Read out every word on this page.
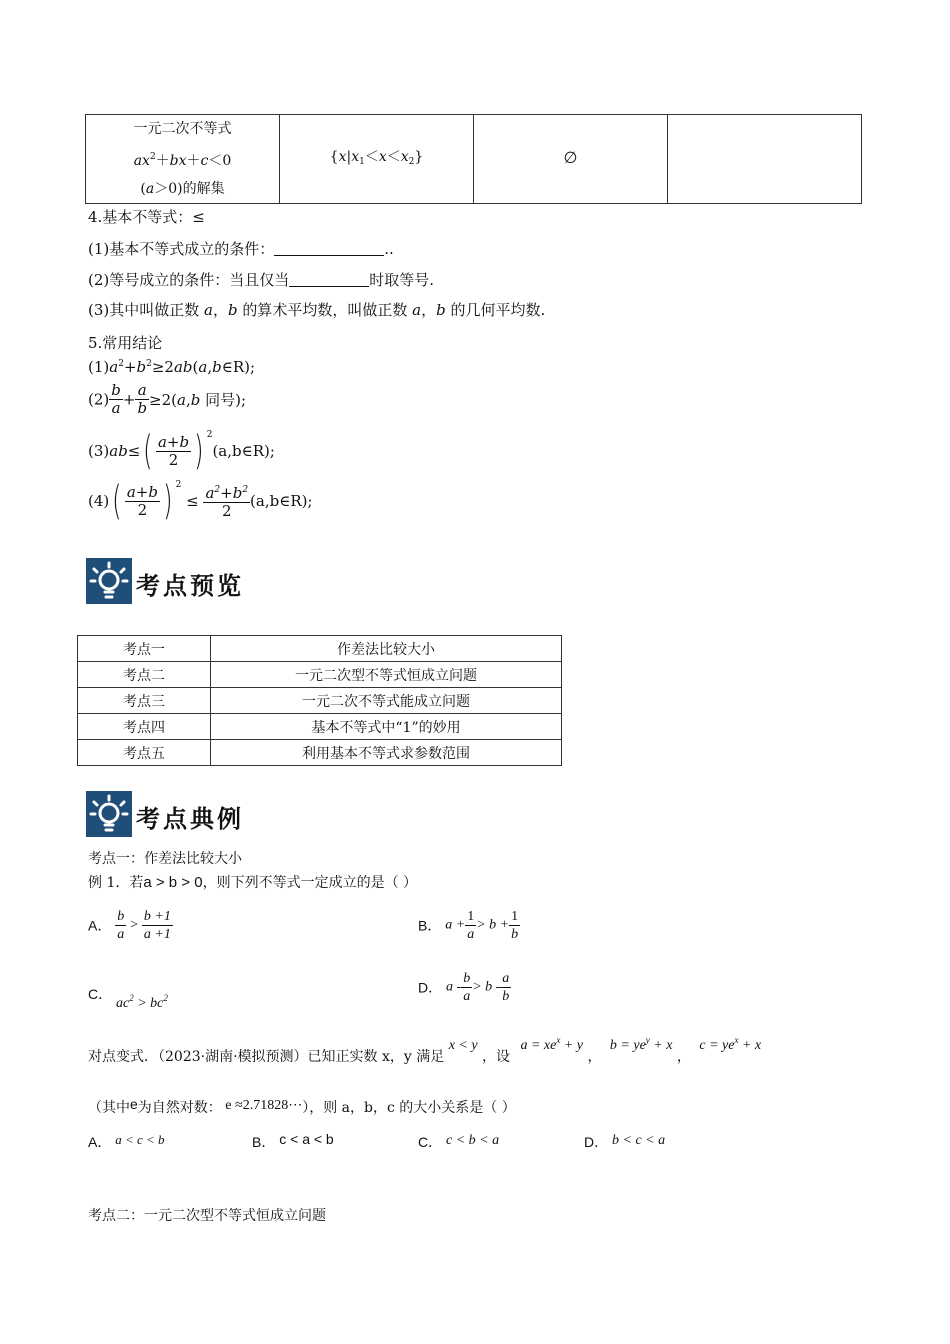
一元二次不等式
$ax^2+bx+c<0$
(a＞0)的解集
	$\{x|x_1<x<x_2\}$	∅	
4.基本不等式：≤
(1)基本不等式成立的条件：	..
(2)等号成立的条件：当且仅当	时取等号.
(3)其中叫做正数 a，b 的算术平均数，叫做正数 a，b 的几何平均数.
5.常用结论
$(1)a^2+b^2\ge 2ab(a,b\in R)$;
$(2) \frac{b}{a} + \frac{a}{b} \ge 2(a,b$ 同号);
$(3)ab\le( \frac{a+b}{2}$ ) $^2$(a,b∈R);
$(4)( \frac{a+b}{2}$ ) $^2 \le \frac{a^2+b^2}{2}$ (a,b∈R);
考点预览
考点一	作差法比较大小
考点二	一元二次型不等式恒成立问题
考点三	一元二次不等式能成立问题
考点四	基本不等式中“1”的妙用
考点五	利用基本不等式求参数范围
考点典例
考点一：作差法比较大小
例 1．若a > b > 0，则下列不等式一定成立的是（ ）
A． $\frac{b}{a} > \frac{b +1}{a +1}$	B． $a + \frac{1}{a} > b + \frac{1}{b}$
C． $ac^2 > bc^2$
D． $a - \frac{b}{a} > b - \frac{a}{b}$
对点变式．（2023·湖南·模拟预测）已知正实数 x，y 满足 x < y ，设 $a = xe^x + y$ ， $b = ye^y + x$ ， $c = ye^x + x$
（其中e为自然对数： e ≈2.71828⋯），则 a，b，c 的大小关系是（ ）
A． a < c < b	B． c < a < b	C． c < b < a	D． b < c < a
考点二：一元二次型不等式恒成立问题
